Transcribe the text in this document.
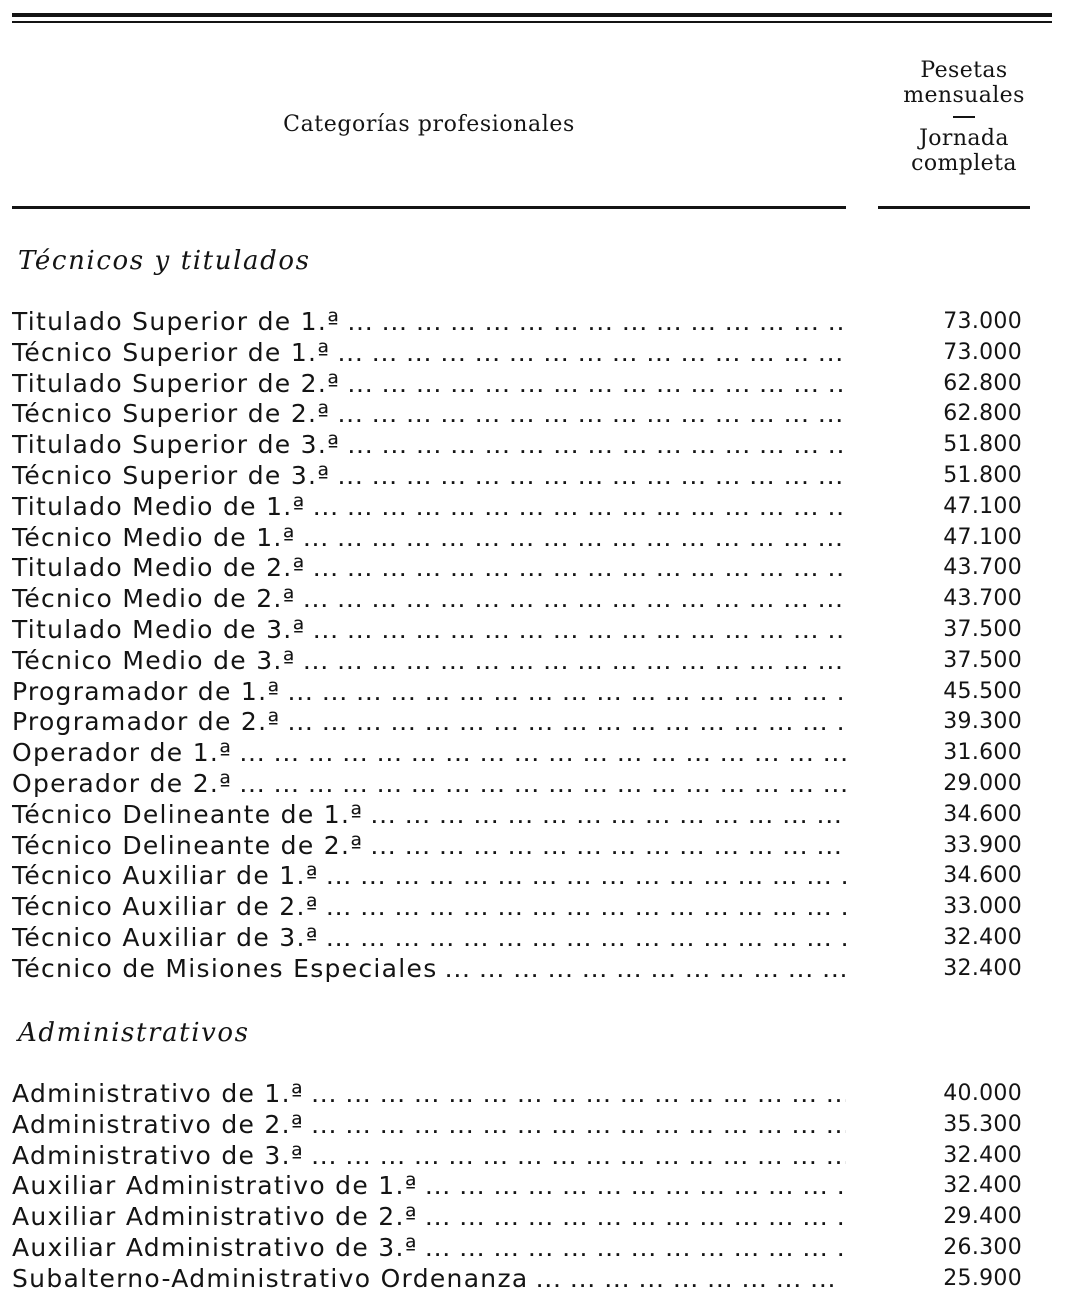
Categorías profesionales
Pesetas
mensuales
Jornada
completa
Técnicos y titulados
Titulado Superior de 1.ª ... .	73.000
Técnico Superior de 1.ª ... .	73.000
Titulado Superior de 2.ª ... .	62.800
Técnico Superior de 2.ª ... .	62.800
Titulado Superior de 3.ª ... .	51.800
Técnico Superior de 3.ª ... .	51.800
Titulado Medio de 1.ª ... .	47.100
Técnico Medio de 1.ª ... .	47.100
Titulado Medio de 2.ª ... .	43.700
Técnico Medio de 2.ª ... .	43.700
Titulado Medio de 3.ª ... .	37.500
Técnico Medio de 3.ª ... .	37.500
Programador de 1.ª ... .	45.500
Programador de 2.ª ... .	39.300
Operador de 1.ª ... .	31.600
Operador de 2.ª ... .	29.000
Técnico Delineante de 1.ª ... .	34.600
Técnico Delineante de 2.ª ... .	33.900
Técnico Auxiliar de 1.ª ... .	34.600
Técnico Auxiliar de 2.ª ... .	33.000
Técnico Auxiliar de 3.ª ... .	32.400
Técnico de Misiones Especiales ... .	32.400
Administrativos
Administrativo de 1.ª ... .	40.000
Administrativo de 2.ª ... .	35.300
Administrativo de 3.ª ... .	32.400
Auxiliar Administrativo de 1.ª ... .	32.400
Auxiliar Administrativo de 2.ª ... .	29.400
Auxiliar Administrativo de 3.ª ... .	26.300
Subalterno-Administrativo Ordenanza ... .	25.900
